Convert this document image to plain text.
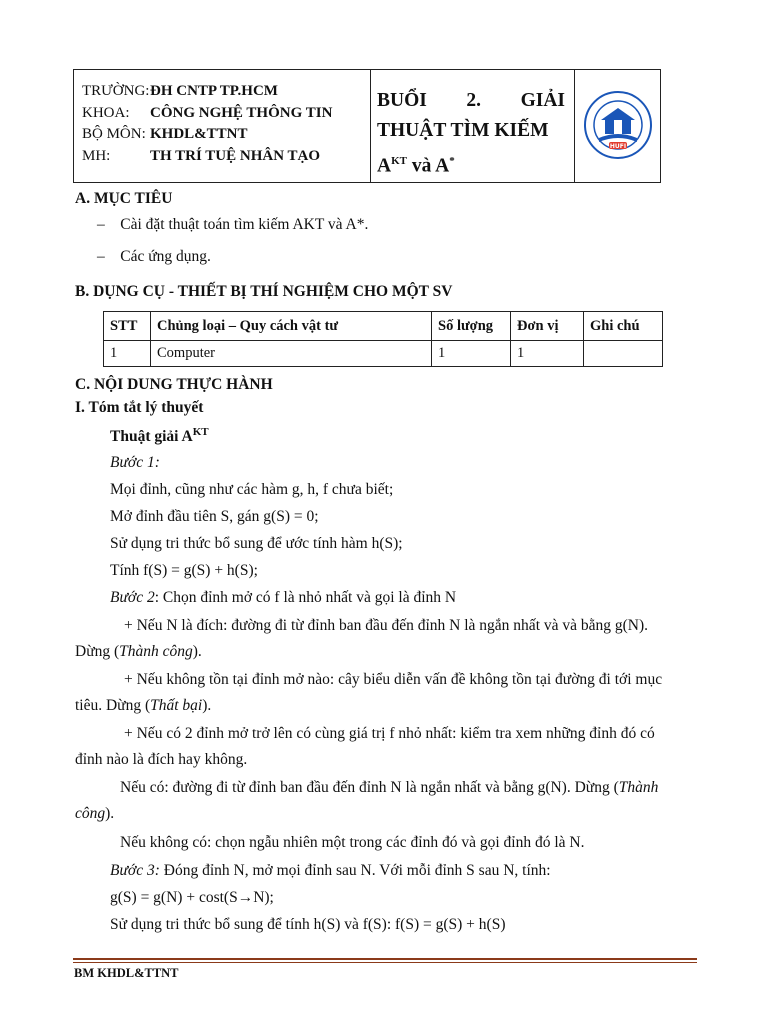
TRƯỜNG:ĐH CNTP TP.HCM
KHOA: CÔNG NGHỆ THÔNG TIN
BỘ MÔN: KHDL&TTNT
MH:	TH TRÍ TUỆ NHÂN TẠO
BUỔI 2. GIẢI THUẬT TÌM KIẾM
$A^{KT}$ và A*
HUFI
A. MỤC TIÊU
–    Cài đặt thuật toán tìm kiếm AKT và A*.
–    Các ứng dụng.
B. DỤNG CỤ - THIẾT BỊ THÍ NGHIỆM CHO MỘT SV
STT	Chủng loại – Quy cách vật tư	Số lượng	Đơn vị	Ghi chú
1	Computer	1	1	
C. NỘI DUNG THỰC HÀNH
I. Tóm tắt lý thuyết
Thuật giải $A^{KT}$
Bước 1:
Mọi đỉnh, cũng như các hàm g, h, f chưa biết;
Mở đỉnh đầu tiên S, gán g(S) = 0;
Sử dụng tri thức bổ sung để ước tính hàm h(S);
Tính f(S) = g(S) + h(S);
Bước 2: Chọn đỉnh mở có f là nhỏ nhất và gọi là đỉnh N
+ Nếu N là đích: đường đi từ đỉnh ban đầu đến đỉnh N là ngắn nhất và và bằng g(N).
Dừng (Thành công).
+ Nếu không tồn tại đỉnh mở nào: cây biểu diễn vấn đề không tồn tại đường đi tới mục
tiêu. Dừng (Thất bại).
+ Nếu có 2 đỉnh mở trở lên có cùng giá trị f nhỏ nhất: kiểm tra xem những đỉnh đó có
đỉnh nào là đích hay không.
Nếu có: đường đi từ đỉnh ban đầu đến đỉnh N là ngắn nhất và bằng g(N). Dừng (Thành
công).
Nếu không có: chọn ngẫu nhiên một trong các đỉnh đó và gọi đỉnh đó là N.
Bước 3: Đóng đỉnh N, mở mọi đỉnh sau N. Với mỗi đỉnh S sau N, tính:
g(S) = g(N) + cost(S→N);
Sử dụng tri thức bổ sung để tính h(S) và f(S): f(S) = g(S) + h(S)
BM KHDL&TTNT
